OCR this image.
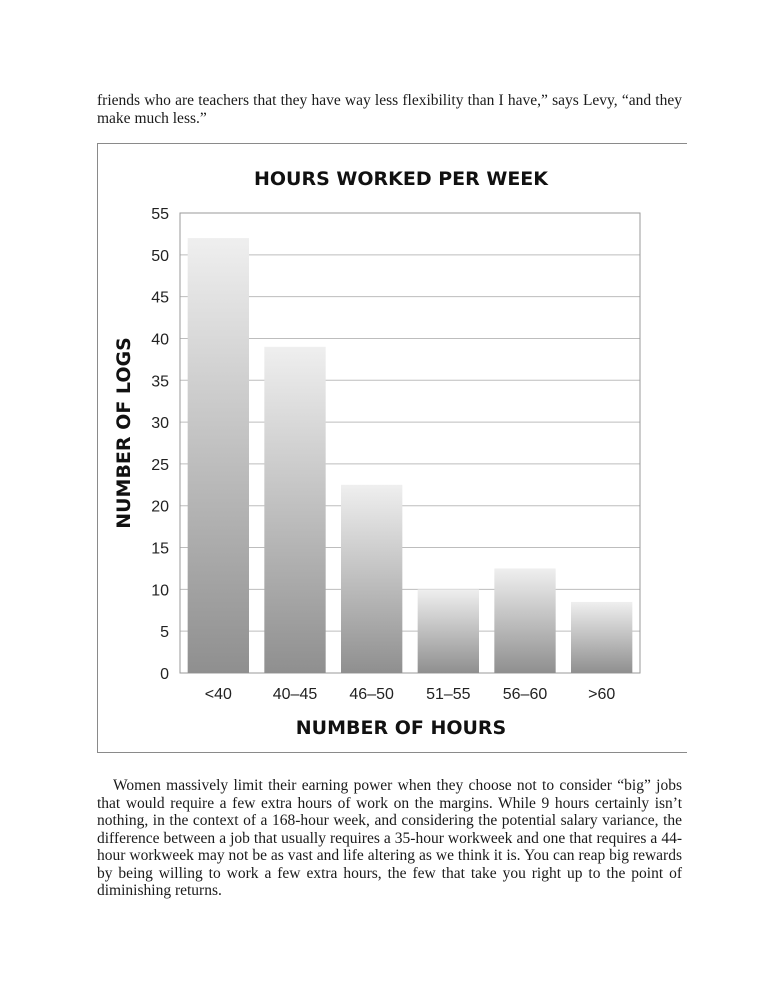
friends who are teachers that they have way less flexibility than I have,” says Levy, “and they make much less.”

HOURS WORKED PER WEEK
0
5
10
15
20
25
30
35
40
45
50
55
<40	40–45 46–50 51–55 56–60	>60
NUMBER OF HOURS
NUMBER OF LOGS

Women massively limit their earning power when they choose not to consider “big” jobs that would require a few extra hours of work on the margins. While 9 hours certainly isn’t nothing, in the context of a 168-hour week, and considering the potential salary variance, the difference between a job that usually requires a 35-hour workweek and one that requires a 44-hour workweek may not be as vast and life altering as we think it is. You can reap big rewards by being willing to work a few extra hours, the few that take you right up to the point of diminishing returns.
